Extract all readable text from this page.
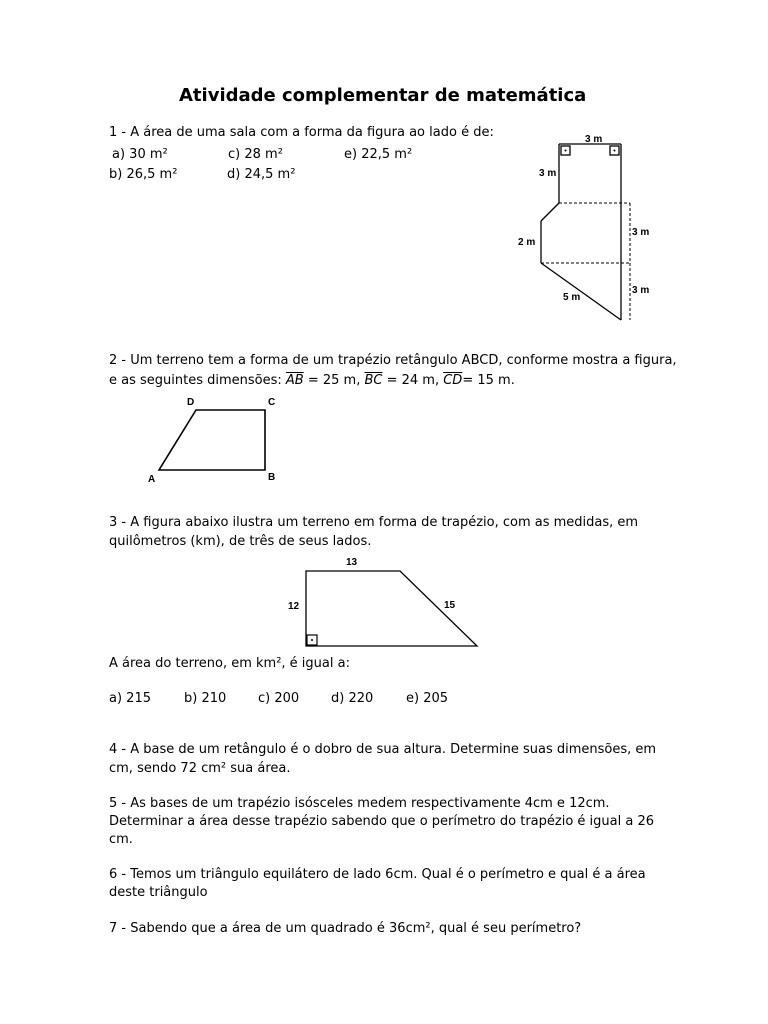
Atividade complementar de matemática
1 - A área de uma sala com a forma da figura ao lado é de:
a) 30 m²	c) 28 m²	e) 22,5 m²
b) 26,5 m²	d) 24,5 m²
3 m
3 m
2 m
3 m
3 m
5 m
2 - Um terreno tem a forma de um trapézio retângulo ABCD, conforme mostra a figura,
e as seguintes dimensões: $\overline{AB} = 25$ m, $\overline{BC} = 24$ m, $\overline{CD}= 15$ m.
D	C
A	B
3 - A figura abaixo ilustra um terreno em forma de trapézio, com as medidas, em
quilômetros (km), de três de seus lados.
13
12	15
A área do terreno, em km², é igual a:
a) 215	b) 210 c) 200 d) 220	e) 205
4 - A base de um retângulo é o dobro de sua altura. Determine suas dimensões, em
cm, sendo 72 cm² sua área.
5 - As bases de um trapézio isósceles medem respectivamente 4cm e 12cm.
Determinar a área desse trapézio sabendo que o perímetro do trapézio é igual a 26
cm.
6 - Temos um triângulo equilátero de lado 6cm. Qual é o perímetro e qual é a área
deste triângulo
7 - Sabendo que a área de um quadrado é 36cm², qual é seu perímetro?
